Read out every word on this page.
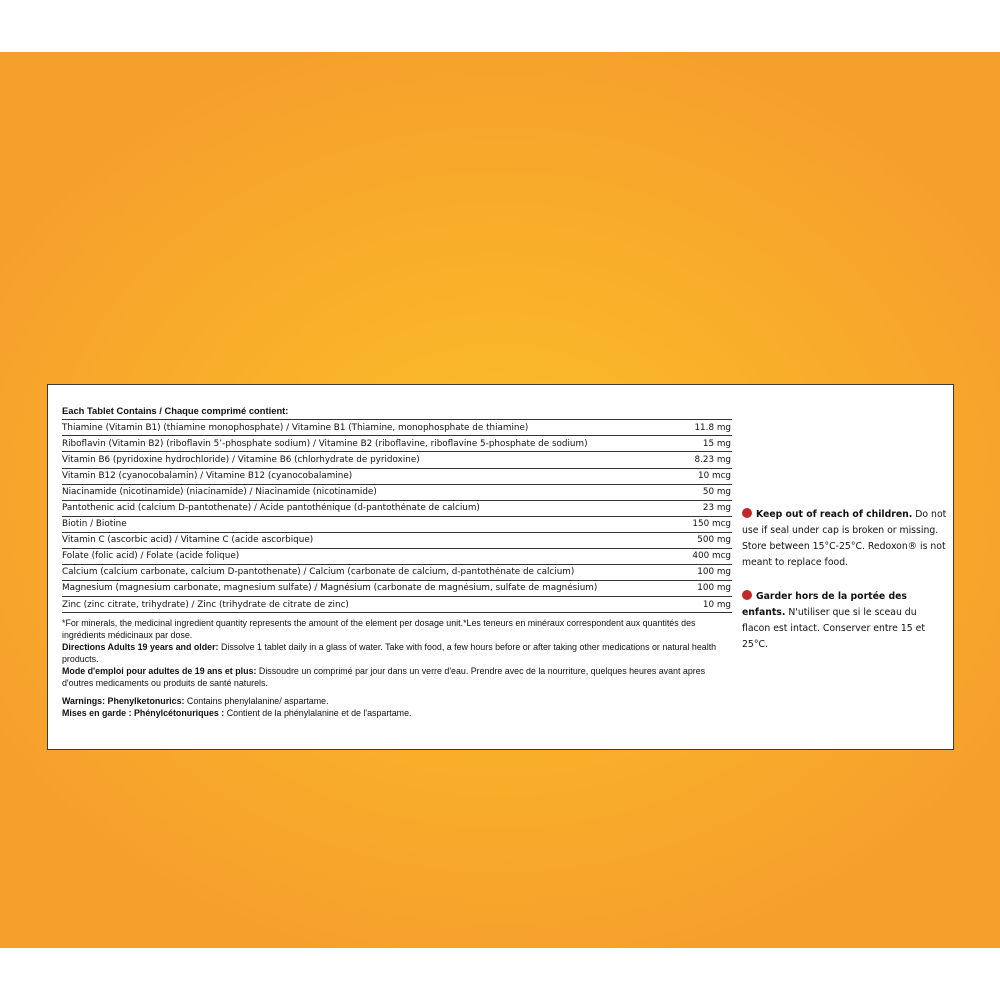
Each Tablet Contains / Chaque comprimé contient:
Thiamine (Vitamin B1) (thiamine monophosphate) / Vitamine B1 (Thiamine, monophosphate de thiamine)	11.8 mg
Riboflavin (Vitamin B2) (riboflavin 5’-phosphate sodium) / Vitamine B2 (riboflavine, riboflavine 5-phosphate de sodium)	15 mg
Vitamin B6 (pyridoxine hydrochloride) / Vitamine B6 (chlorhydrate de pyridoxine)	8.23 mg
Vitamin B12 (cyanocobalamin) / Vitamine B12 (cyanocobalamine)	10 mcg
Niacinamide (nicotinamide) (niacinamide) / Niacinamide (nicotinamide)	50 mg
Pantothenic acid (calcium D-pantothenate) / Acide pantothénique (d-pantothénate de calcium)	23 mg
Biotin / Biotine	150 mcg
Vitamin C (ascorbic acid) / Vitamine C (acide ascorbique)	500 mg
Folate (folic acid) / Folate (acide folique)	400 mcg
Calcium (calcium carbonate, calcium D-pantothenate) / Calcium (carbonate de calcium, d-pantothénate de calcium)	100 mg
Magnesium (magnesium carbonate, magnesium sulfate) / Magnésium (carbonate de magnésium, sulfate de magnésium)	100 mg
Zinc (zinc citrate, trihydrate) / Zinc (trihydrate de citrate de zinc)	10 mg

*For minerals, the medicinal ingredient quantity represents the amount of the element per dosage unit.*Les teneurs en minéraux correspondent aux quantités des ingrédients médicinaux par dose.

Directions Adults 19 years and older: Dissolve 1 tablet daily in a glass of water. Take with food, a few hours before or after taking other medications or natural health products.

Mode d'emploi pour adultes de 19 ans et plus: Dissoudre un comprimé par jour dans un verre d'eau. Prendre avec de la nourriture, quelques heures avant apres d'outres medicaments ou produits de santé naturels.

Warnings: Phenylketonurics: Contains phenylalanine/ aspartame.

Mises en garde : Phénylcétonuriques : Contient de la phénylalanine et de l'aspartame.

Keep out of reach of children. Do not use if seal under cap is broken or missing. Store between 15°C-25°C. Redoxon® is not meant to replace food.
Garder hors de la portée des enfants. N'utiliser que si le sceau du flacon est intact. Conserver entre 15 et 25°C.
